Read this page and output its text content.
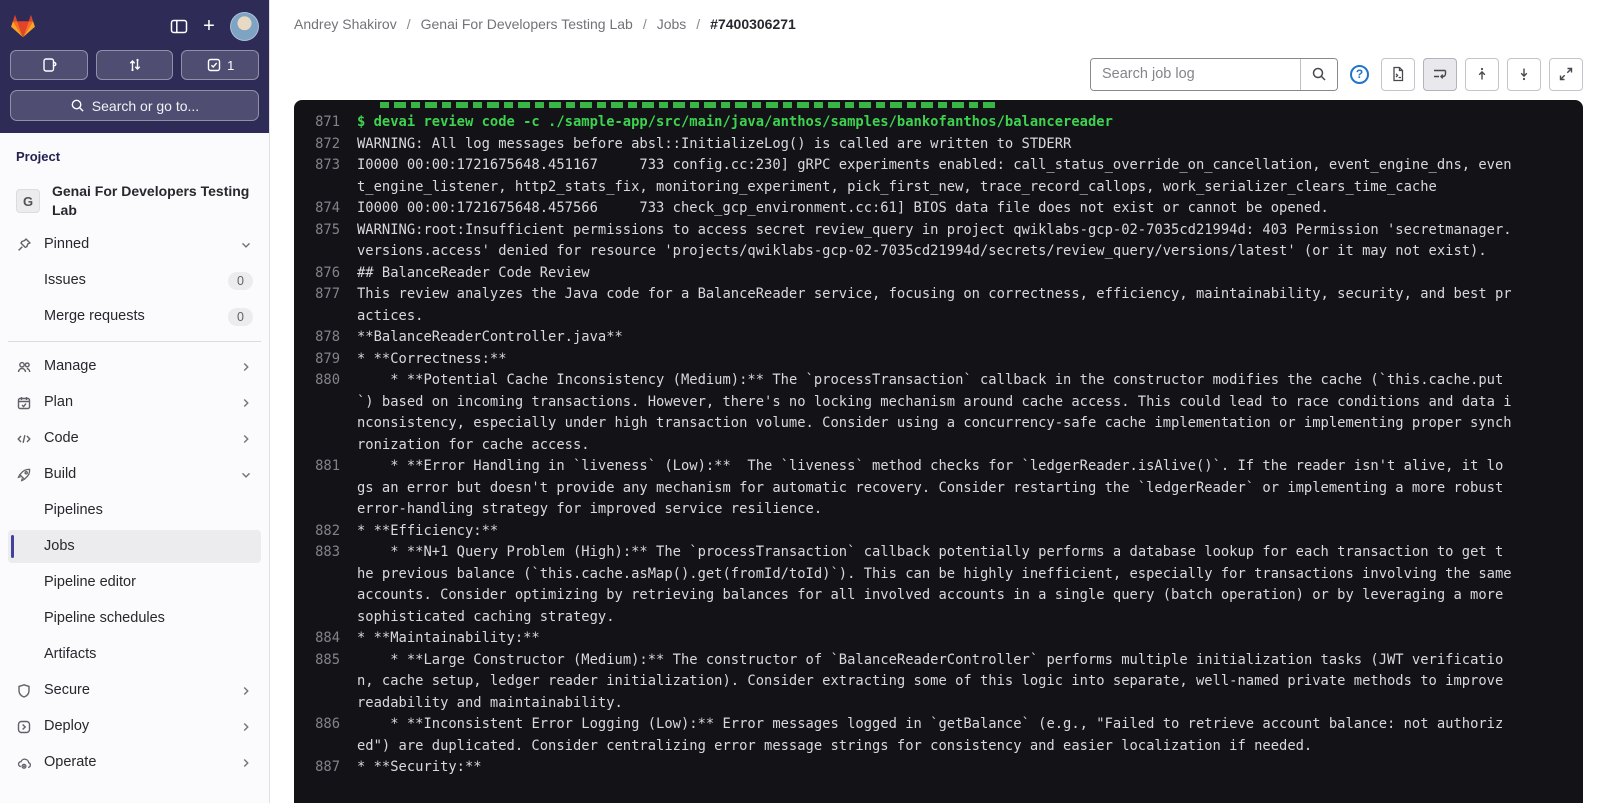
+
1
Search or go to...
Project
G
Genai For Developers Testing Lab
Pinned
Issues	0
Merge requests	0
Manage
Plan
Code
Build
Pipelines
Jobs
Pipeline editor
Pipeline schedules
Artifacts
Secure
Deploy
Operate
Andrey Shakirov / Genai For Developers Testing Lab / Jobs / #7400306271
Search job log
?
871	$ devai review code -c ./sample-app/src/main/java/anthos/samples/bankofanthos/balancereader
872	WARNING: All log messages before absl::InitializeLog() is called are written to STDERR
873	I0000 00:00:1721675648.451167     733 config.cc:230] gRPC experiments enabled: call_status_override_on_cancellation, event_engine_dns, event_engine_listener, http2_stats_fix, monitoring_experiment, pick_first_new, trace_record_callops, work_serializer_clears_time_cache
874	I0000 00:00:1721675648.457566     733 check_gcp_environment.cc:61] BIOS data file does not exist or cannot be opened.
875	WARNING:root:Insufficient permissions to access secret review_query in project qwiklabs-gcp-02-7035cd21994d: 403 Permission 'secretmanager.versions.access' denied for resource 'projects/qwiklabs-gcp-02-7035cd21994d/secrets/review_query/versions/latest' (or it may not exist).
876	## BalanceReader Code Review
877	This review analyzes the Java code for a BalanceReader service, focusing on correctness, efficiency, maintainability, security, and best practices.
878	**BalanceReaderController.java**
879	* **Correctness:**
880	* **Potential Cache Inconsistency (Medium):** The `processTransaction` callback in the constructor modifies the cache (`this.cache.put`) based on incoming transactions. However, there's no locking mechanism around cache access. This could lead to race conditions and data inconsistency, especially under high transaction volume. Consider using a concurrency-safe cache implementation or implementing proper synchronization for cache access.
881	* **Error Handling in `liveness` (Low):**  The `liveness` method checks for `ledgerReader.isAlive()`. If the reader isn't alive, it logs an error but doesn't provide any mechanism for automatic recovery. Consider restarting the `ledgerReader` or implementing a more robust error-handling strategy for improved service resilience.
882	* **Efficiency:**
883	* **N+1 Query Problem (High):** The `processTransaction` callback potentially performs a database lookup for each transaction to get the previous balance (`this.cache.asMap().get(fromId/toId)`). This can be highly inefficient, especially for transactions involving the same accounts. Consider optimizing by retrieving balances for all involved accounts in a single query (batch operation) or by leveraging a more sophisticated caching strategy.
884	* **Maintainability:**
885	* **Large Constructor (Medium):** The constructor of `BalanceReaderController` performs multiple initialization tasks (JWT verification, cache setup, ledger reader initialization). Consider extracting some of this logic into separate, well-named private methods to improve readability and maintainability.
886	* **Inconsistent Error Logging (Low):** Error messages logged in `getBalance` (e.g., "Failed to retrieve account balance: not authorized") are duplicated. Consider centralizing error message strings for consistency and easier localization if needed.
887	* **Security:**
